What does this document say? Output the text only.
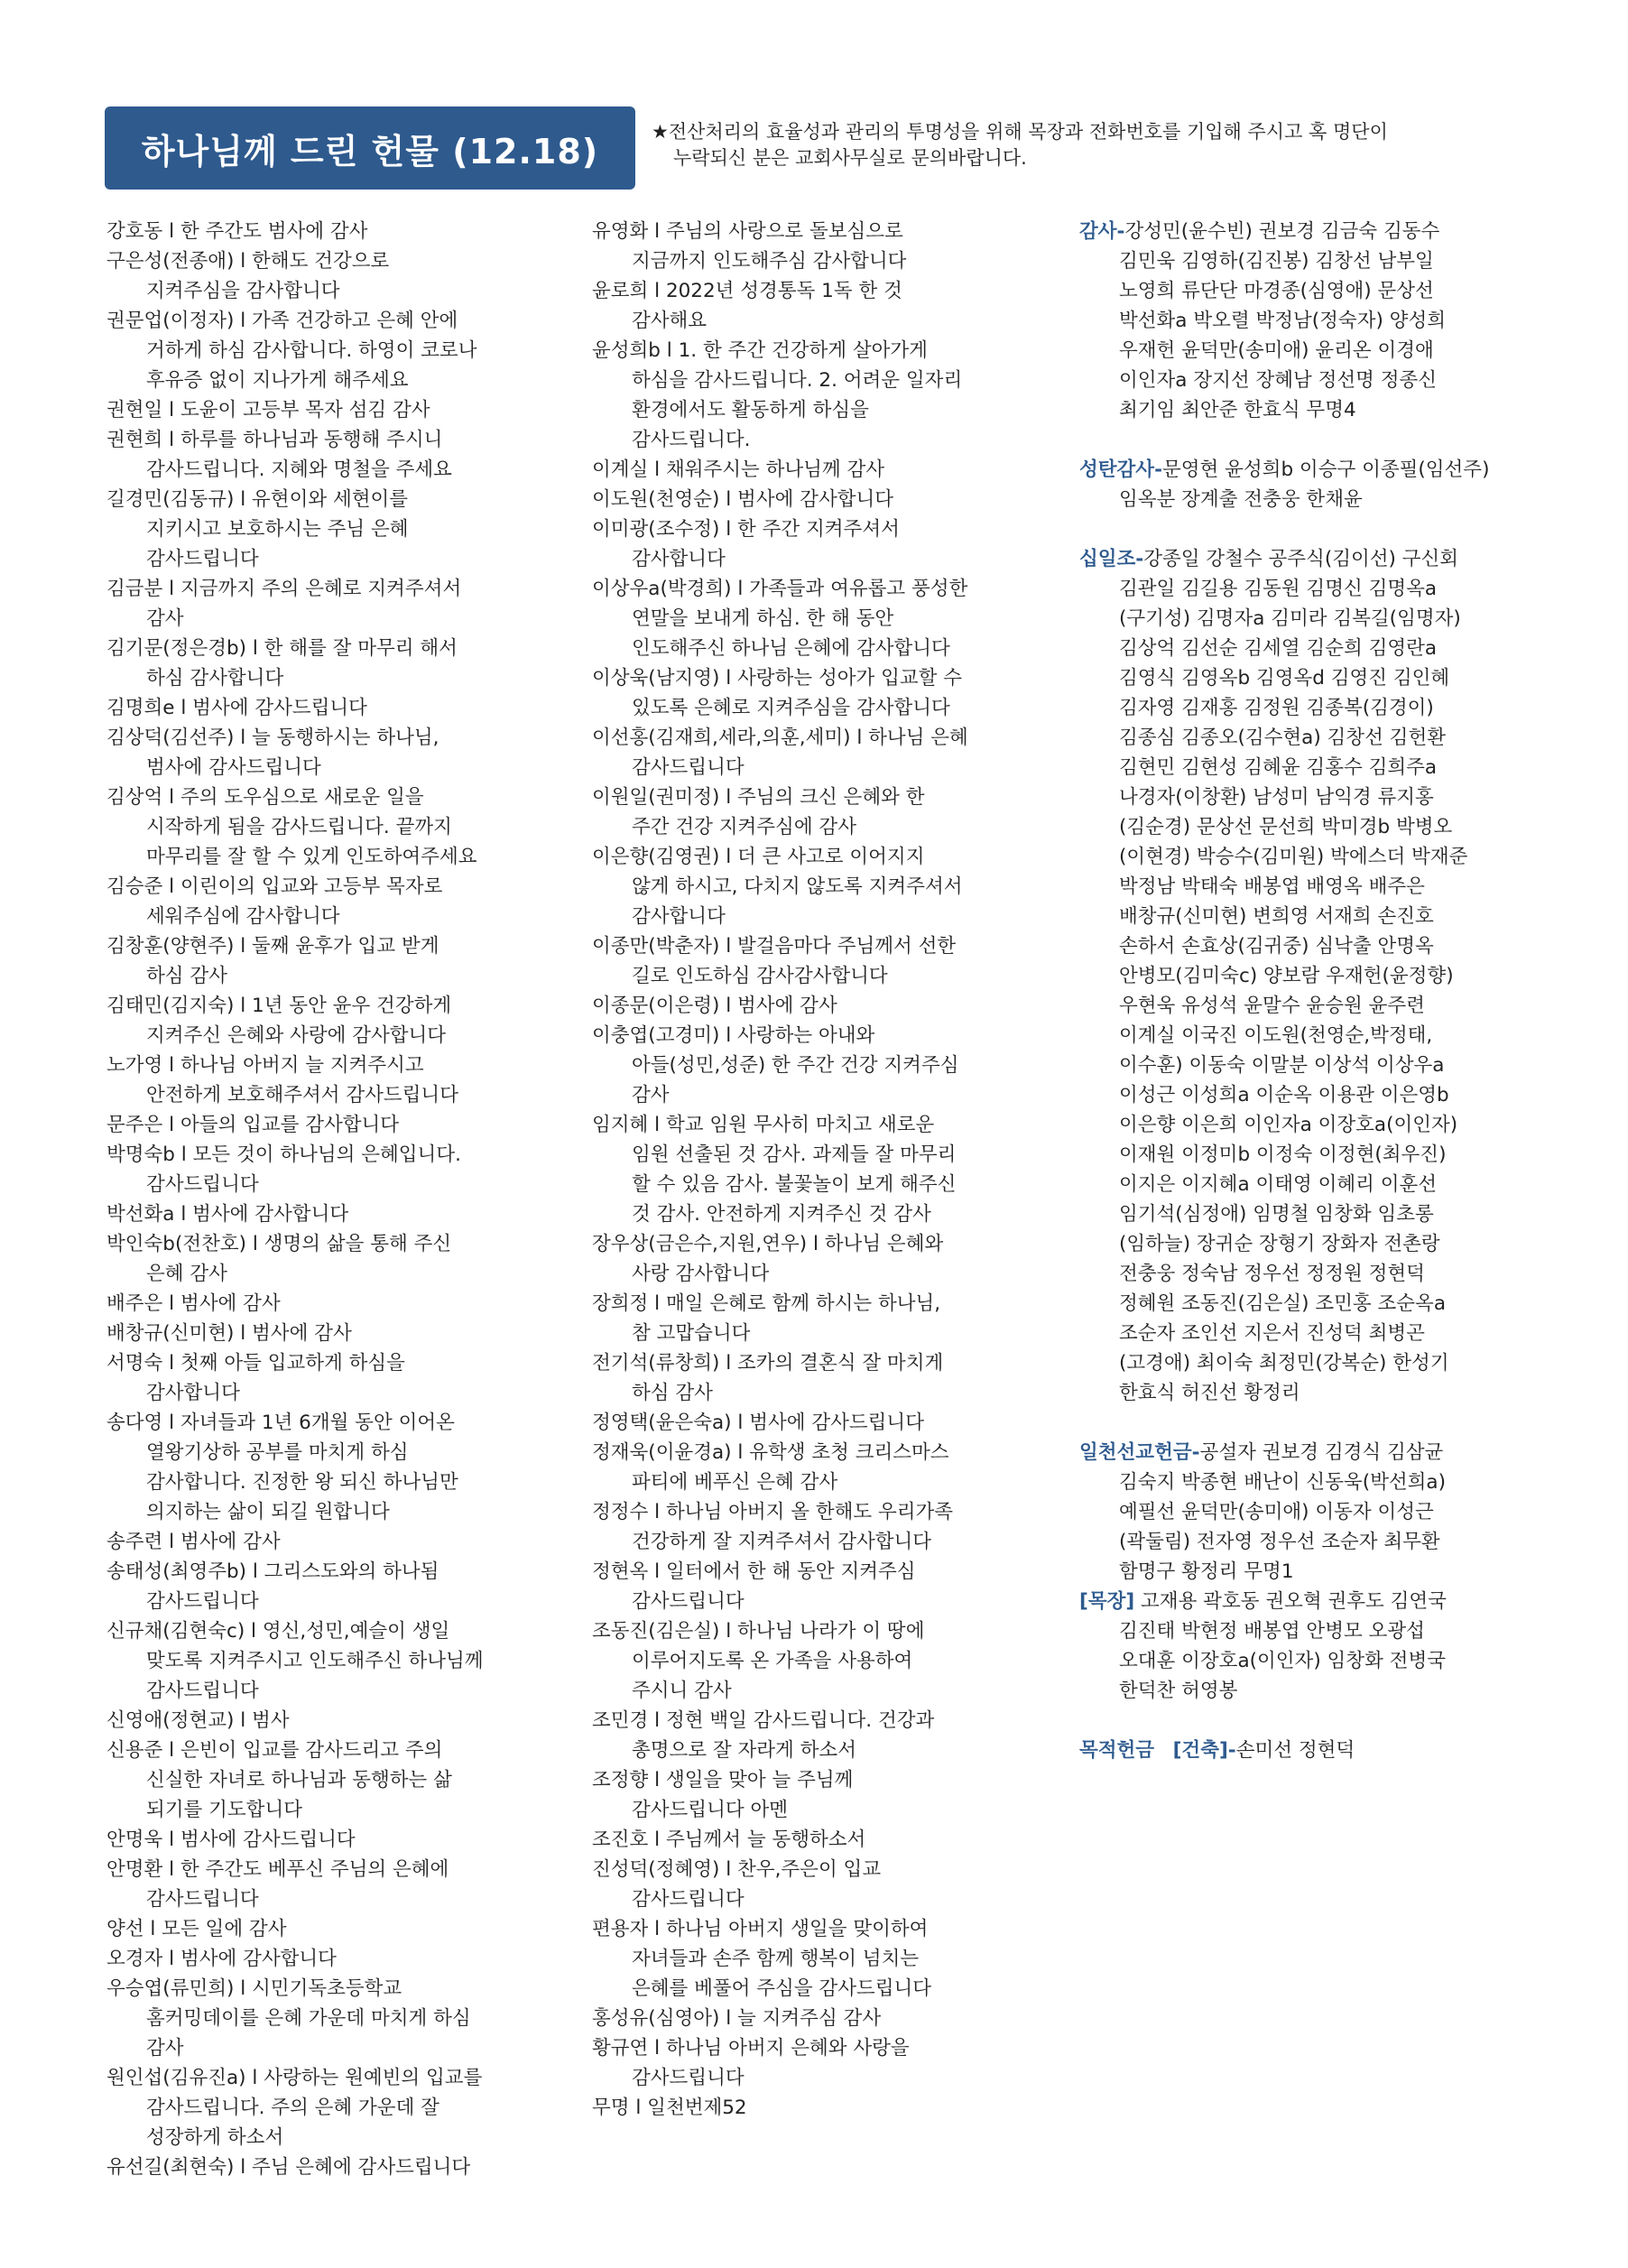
하나님께 드린 헌물 (12.18)	★전산처리의 효율성과 관리의 투명성을 위해 목장과 전화번호를 기입해 주시고 혹 명단이
누락되신 분은 교회사무실로 문의바랍니다.
강호동 l 한 주간도 범사에 감사
구은성(전종애) l 한해도 건강으로
지켜주심을 감사합니다
권문업(이정자) l 가족 건강하고 은혜 안에
거하게 하심 감사합니다. 하영이 코로나
후유증 없이 지나가게 해주세요
권현일 l 도윤이 고등부 목자 섬김 감사
권현희 l 하루를 하나님과 동행해 주시니
감사드립니다. 지혜와 명철을 주세요
길경민(김동규) l 유현이와 세현이를
지키시고 보호하시는 주님 은혜
감사드립니다
김금분 l 지금까지 주의 은혜로 지켜주셔서
감사
김기문(정은경b) l 한 해를 잘 마무리 해서
하심 감사합니다
김명희e l 범사에 감사드립니다
김상덕(김선주) l 늘 동행하시는 하나님,
범사에 감사드립니다
김상억 l 주의 도우심으로 새로운 일을
시작하게 됨을 감사드립니다. 끝까지
마무리를 잘 할 수 있게 인도하여주세요
김승준 l 이린이의 입교와 고등부 목자로
세워주심에 감사합니다
김창훈(양현주) l 둘째 윤후가 입교 받게
하심 감사
김태민(김지숙) l 1년 동안 윤우 건강하게
지켜주신 은혜와 사랑에 감사합니다
노가영 l 하나님 아버지 늘 지켜주시고
안전하게 보호해주셔서 감사드립니다
문주은 l 아들의 입교를 감사합니다
박명숙b l 모든 것이 하나님의 은혜입니다.
감사드립니다
박선화a l 범사에 감사합니다
박인숙b(전찬호) l 생명의 삶을 통해 주신
은혜 감사
배주은 l 범사에 감사
배창규(신미현) l 범사에 감사
서명숙 l 첫째 아들 입교하게 하심을
감사합니다
송다영 l 자녀들과 1년 6개월 동안 이어온
열왕기상하 공부를 마치게 하심
감사합니다. 진정한 왕 되신 하나님만
의지하는 삶이 되길 원합니다
송주련 l 범사에 감사
송태성(최영주b) l 그리스도와의 하나됨
감사드립니다
신규채(김현숙c) l 영신,성민,예슬이 생일
맞도록 지켜주시고 인도해주신 하나님께
감사드립니다
신영애(정현교) l 범사
신용준 l 은빈이 입교를 감사드리고 주의
신실한 자녀로 하나님과 동행하는 삶
되기를 기도합니다
안명욱 l 범사에 감사드립니다
안명환 l 한 주간도 베푸신 주님의 은혜에
감사드립니다
양선 l 모든 일에 감사
오경자 l 범사에 감사합니다
우승엽(류민희) l 시민기독초등학교
홈커밍데이를 은혜 가운데 마치게 하심
감사
원인섭(김유진a) l 사랑하는 원예빈의 입교를
감사드립니다. 주의 은혜 가운데 잘
성장하게 하소서
유선길(최현숙) l 주님 은혜에 감사드립니다
유영화 l 주님의 사랑으로 돌보심으로
지금까지 인도해주심 감사합니다
윤로희 l 2022년 성경통독 1독 한 것
감사해요
윤성희b l 1. 한 주간 건강하게 살아가게
하심을 감사드립니다. 2. 어려운 일자리
환경에서도 활동하게 하심을
감사드립니다.
이계실 l 채워주시는 하나님께 감사
이도원(천영순) l 범사에 감사합니다
이미광(조수정) l 한 주간 지켜주셔서
감사합니다
이상우a(박경희) l 가족들과 여유롭고 풍성한
연말을 보내게 하심. 한 해 동안
인도해주신 하나님 은혜에 감사합니다
이상욱(남지영) l 사랑하는 성아가 입교할 수
있도록 은혜로 지켜주심을 감사합니다
이선홍(김재희,세라,의훈,세미) l 하나님 은혜
감사드립니다
이원일(권미정) l 주님의 크신 은혜와 한
주간 건강 지켜주심에 감사
이은향(김영권) l 더 큰 사고로 이어지지
않게 하시고, 다치지 않도록 지켜주셔서
감사합니다
이종만(박춘자) l 발걸음마다 주님께서 선한
길로 인도하심 감사감사합니다
이종문(이은령) l 범사에 감사
이충엽(고경미) l 사랑하는 아내와
아들(성민,성준) 한 주간 건강 지켜주심
감사
임지혜 l 학교 임원 무사히 마치고 새로운
임원 선출된 것 감사. 과제들 잘 마무리
할 수 있음 감사. 불꽃놀이 보게 해주신
것 감사. 안전하게 지켜주신 것 감사
장우상(금은수,지원,연우) l 하나님 은혜와
사랑 감사합니다
장희정 l 매일 은혜로 함께 하시는 하나님,
참 고맙습니다
전기석(류창희) l 조카의 결혼식 잘 마치게
하심 감사
정영택(윤은숙a) l 범사에 감사드립니다
정재욱(이윤경a) l 유학생 초청 크리스마스
파티에 베푸신 은혜 감사
정정수 l 하나님 아버지 올 한해도 우리가족
건강하게 잘 지켜주셔서 감사합니다
정현옥 l 일터에서 한 해 동안 지켜주심
감사드립니다
조동진(김은실) l 하나님 나라가 이 땅에
이루어지도록 온 가족을 사용하여
주시니 감사
조민경 l 정현 백일 감사드립니다. 건강과
총명으로 잘 자라게 하소서
조정향 l 생일을 맞아 늘 주님께
감사드립니다 아멘
조진호 l 주님께서 늘 동행하소서
진성덕(정혜영) l 찬우,주은이 입교
감사드립니다
편용자 l 하나님 아버지 생일을 맞이하여
자녀들과 손주 함께 행복이 넘치는
은혜를 베풀어 주심을 감사드립니다
홍성유(심영아) l 늘 지켜주심 감사
황규연 l 하나님 아버지 은혜와 사랑을
감사드립니다
무명 l 일천번제52
감사-강성민(윤수빈) 권보경 김금숙 김동수
김민욱 김영하(김진봉) 김창선 남부일
노영희 류단단 마경종(심영애) 문상선
박선화a 박오렬 박정남(정숙자) 양성희
우재헌 윤덕만(송미애) 윤리온 이경애
이인자a 장지선 장혜남 정선명 정종신
최기임 최안준 한효식 무명4
성탄감사-문영현 윤성희b 이승구 이종필(임선주)
임옥분 장계출 전충웅 한채윤
십일조-강종일 강철수 공주식(김이선) 구신회
김관일 김길용 김동원 김명신 김명옥a
(구기성) 김명자a 김미라 김복길(임명자)
김상억 김선순 김세열 김순희 김영란a
김영식 김영옥b 김영옥d 김영진 김인혜
김자영 김재홍 김정원 김종복(김경이)
김종심 김종오(김수현a) 김창선 김헌환
김현민 김현성 김혜윤 김홍수 김희주a
나경자(이창환) 남성미 남익경 류지홍
(김순경) 문상선 문선희 박미경b 박병오
(이현경) 박승수(김미원) 박에스더 박재준
박정남 박태숙 배봉엽 배영옥 배주은
배창규(신미현) 변희영 서재희 손진호
손하서 손효상(김귀중) 심낙출 안명옥
안병모(김미숙c) 양보람 우재헌(윤정향)
우현욱 유성석 윤말수 윤승원 윤주련
이계실 이국진 이도원(천영순,박정태,
이수훈) 이동숙 이말분 이상석 이상우a
이성근 이성희a 이순옥 이용관 이은영b
이은향 이은희 이인자a 이장호a(이인자)
이재원 이정미b 이정숙 이정현(최우진)
이지은 이지혜a 이태영 이혜리 이훈선
임기석(심정애) 임명철 임창화 임초롱
(임하늘) 장귀순 장형기 장화자 전촌랑
전충웅 정숙남 정우선 정정원 정현덕
정혜원 조동진(김은실) 조민홍 조순옥a
조순자 조인선 지은서 진성덕 최병곤
(고경애) 최이숙 최정민(강복순) 한성기
한효식 허진선 황정리
일천선교헌금-공설자 권보경 김경식 김삼균
김숙지 박종현 배난이 신동욱(박선희a)
예필선 윤덕만(송미애) 이동자 이성근
(곽둘림) 전자영 정우선 조순자 최무환
함명구 황정리 무명1
[목장] 고재용 곽호동 권오혁 권후도 김연국
김진태 박현정 배봉엽 안병모 오광섭
오대훈 이장호a(이인자) 임창화 전병국
한덕찬 허영봉
목적헌금 [건축]-손미선 정현덕
